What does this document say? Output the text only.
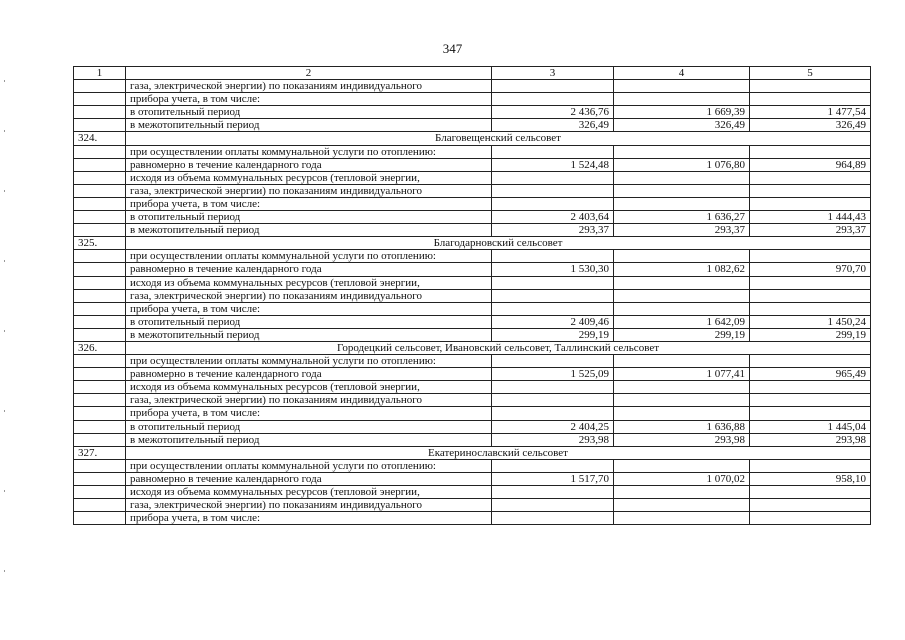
347
1	2	3	4	5
	газа, электрической энергии) по показаниям индивидуального			
	прибора учета, в том числе:			
	в отопительный период	2 436,76	1 669,39	1 477,54
	в межотопительный период	326,49	326,49	326,49
324.	Благовещенский сельсовет			
	при осуществлении оплаты коммунальной услуги по отоплению:			
	равномерно в течение календарного года	1 524,48	1 076,80	964,89
	исходя из объема коммунальных ресурсов (тепловой энергии,			
	газа, электрической энергии) по показаниям индивидуального			
	прибора учета, в том числе:			
	в отопительный период	2 403,64	1 636,27	1 444,43
	в межотопительный период	293,37	293,37	293,37
325.	Благодарновский сельсовет			
	при осуществлении оплаты коммунальной услуги по отоплению:			
	равномерно в течение календарного года	1 530,30	1 082,62	970,70
	исходя из объема коммунальных ресурсов (тепловой энергии,			
	газа, электрической энергии) по показаниям индивидуального			
	прибора учета, в том числе:			
	в отопительный период	2 409,46	1 642,09	1 450,24
	в межотопительный период	299,19	299,19	299,19
326.	Городецкий сельсовет, Ивановский сельсовет, Таллинский сельсовет			
	при осуществлении оплаты коммунальной услуги по отоплению:			
	равномерно в течение календарного года	1 525,09	1 077,41	965,49
	исходя из объема коммунальных ресурсов (тепловой энергии,			
	газа, электрической энергии) по показаниям индивидуального			
	прибора учета, в том числе:			
	в отопительный период	2 404,25	1 636,88	1 445,04
	в межотопительный период	293,98	293,98	293,98
327.	Екатеринославский сельсовет			
	при осуществлении оплаты коммунальной услуги по отоплению:			
	равномерно в течение календарного года	1 517,70	1 070,02	958,10
	исходя из объема коммунальных ресурсов (тепловой энергии,			
	газа, электрической энергии) по показаниям индивидуального			
	прибора учета, в том числе:			
